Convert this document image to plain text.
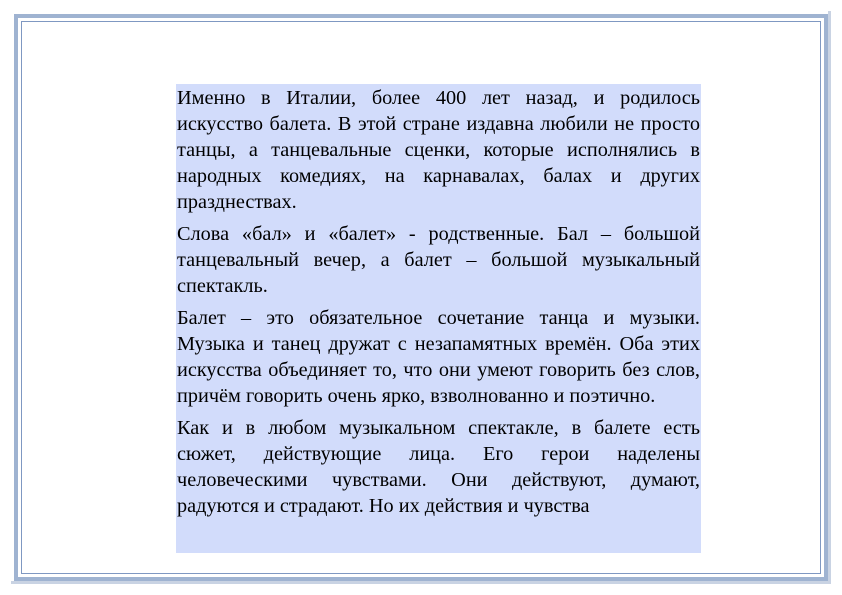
Именно в Италии, более 400 лет назад, и родилось искусство балета. В этой стране издавна любили не просто танцы, а танцевальные сценки, которые исполнялись в народных комедиях, на карнавалах, балах и других празднествах.

Слова «бал» и «балет» - родственные. Бал – большой танцевальный вечер, а балет – большой музыкальный спектакль.

Балет – это обязательное сочетание танца и музыки. Музыка и танец дружат с незапамятных времён. Оба этих искусства объединяет то, что они умеют говорить без слов, причём говорить очень ярко, взволнованно и поэтично.

Как и в любом музыкальном спектакле, в балете есть сюжет, действующие лица. Его герои наделены человеческими чувствами. Они действуют, думают, радуются и страдают. Но их действия и чувства
